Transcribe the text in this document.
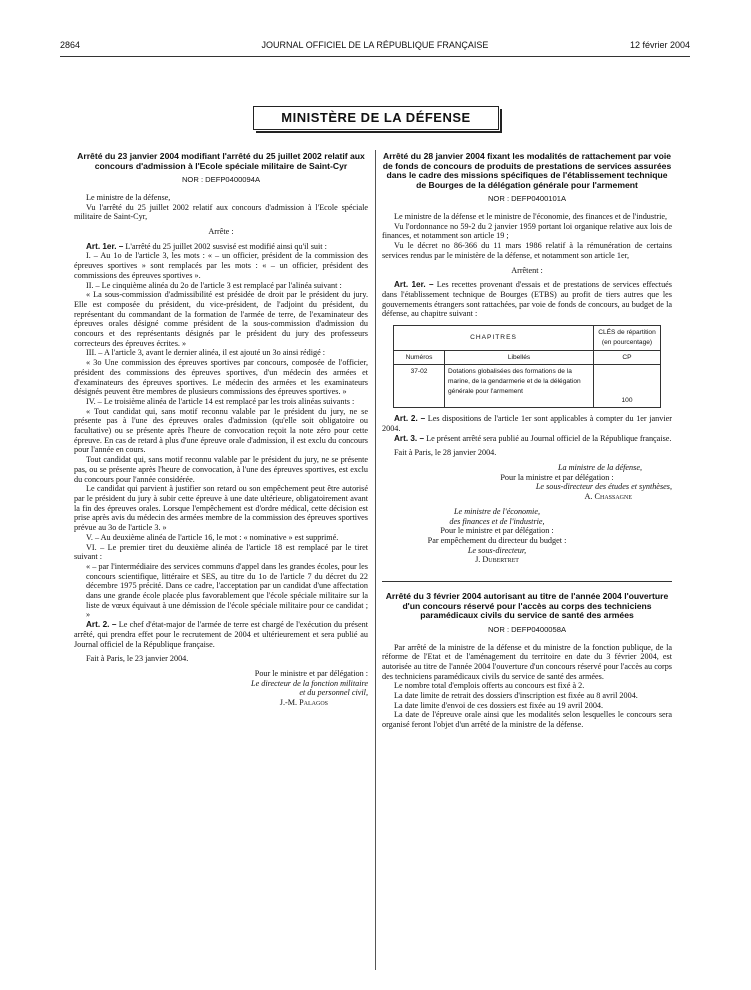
2864	JOURNAL OFFICIEL DE LA RÉPUBLIQUE FRANÇAISE	12 février 2004
MINISTÈRE DE LA DÉFENSE
Arrêté du 23 janvier 2004 modifiant l'arrêté du 25 juillet 2002 relatif aux concours d'admission à l'Ecole spéciale militaire de Saint-Cyr
NOR : DEFP0400094A

Le ministre de la défense,

Vu l'arrêté du 25 juillet 2002 relatif aux concours d'admission à l'Ecole spéciale militaire de Saint-Cyr,

Arrête :

Art. 1er. – L'arrêté du 25 juillet 2002 susvisé est modifié ainsi qu'il suit :

I. – Au 1o de l'article 3, les mots : « – un officier, président de la commission des épreuves sportives » sont remplacés par les mots : « – un officier, président des commissions des épreuves sportives ».

II. – Le cinquième alinéa du 2o de l'article 3 est remplacé par l'alinéa suivant :

« La sous-commission d'admissibilité est présidée de droit par le président du jury. Elle est composée du président, du vice-président, de l'adjoint du président, du représentant du commandant de la formation de l'armée de terre, de l'examinateur des épreuves orales désigné comme président de la sous-commission d'admission du concours et des représentants désignés par le président du jury des professeurs correcteurs des épreuves écrites. »

III. – A l'article 3, avant le dernier alinéa, il est ajouté un 3o ainsi rédigé :

« 3o Une commission des épreuves sportives par concours, composée de l'officier, président des commissions des épreuves sportives, d'un médecin des armées et d'examinateurs des épreuves sportives. Le médecin des armées et les examinateurs désignés peuvent être membres de plusieurs commissions des épreuves sportives. »

IV. – Le troisième alinéa de l'article 14 est remplacé par les trois alinéas suivants :

« Tout candidat qui, sans motif reconnu valable par le président du jury, ne se présente pas à l'une des épreuves orales d'admission (qu'elle soit obligatoire ou facultative) ou se présente après l'heure de convocation reçoit la note zéro pour cette épreuve. En cas de retard à plus d'une épreuve orale d'admission, il est exclu du concours pour l'année en cours.

Tout candidat qui, sans motif reconnu valable par le président du jury, ne se présente pas, ou se présente après l'heure de convocation, à l'une des épreuves sportives, est exclu du concours pour l'année considérée.

Le candidat qui parvient à justifier son retard ou son empêchement peut être autorisé par le président du jury à subir cette épreuve à une date ultérieure, obligatoirement avant la fin des épreuves orales. Lorsque l'empêchement est d'ordre médical, cette décision est prise après avis du médecin des armées membre de la commission des épreuves sportives prévue au 3o de l'article 3. »

V. – Au deuxième alinéa de l'article 16, le mot : « nominative » est supprimé.

VI. – Le premier tiret du deuxième alinéa de l'article 18 est remplacé par le tiret suivant :

« – par l'intermédiaire des services communs d'appel dans les grandes écoles, pour les concours scientifique, littéraire et SES, au titre du 1o de l'article 7 du décret du 22 décembre 1975 précité. Dans ce cadre, l'acceptation par un candidat d'une affectation dans une grande école placée plus favorablement que l'école spéciale militaire sur la liste de vœux équivaut à une démission de l'école spéciale militaire pour ce candidat ; »

Art. 2. – Le chef d'état-major de l'armée de terre est chargé de l'exécution du présent arrêté, qui prendra effet pour le recrutement de 2004 et ultérieurement et sera publié au Journal officiel de la République française.

Fait à Paris, le 23 janvier 2004.

Pour le ministre et par délégation :

Le directeur de la fonction militaire

et du personnel civil,

J.-M. Palagos

Arrêté du 28 janvier 2004 fixant les modalités de rattachement par voie de fonds de concours de produits de prestations de services assurées dans le cadre des missions spécifiques de l'établissement technique de Bourges de la délégation générale pour l'armement
NOR : DEFP0400101A

Le ministre de la défense et le ministre de l'économie, des finances et de l'industrie,

Vu l'ordonnance no 59-2 du 2 janvier 1959 portant loi organique relative aux lois de finances, et notamment son article 19 ;

Vu le décret no 86-366 du 11 mars 1986 relatif à la rémunération de certains services rendus par le ministère de la défense, et notamment son article 1er,

Arrêtent :

Art. 1er. – Les recettes provenant d'essais et de prestations de services effectués dans l'établissement technique de Bourges (ETBS) au profit de tiers autres que les gouvernements étrangers sont rattachées, par voie de fonds de concours, au budget de la défense, au chapitre suivant :

CHAPITRES		CLÉS de répartition (en pourcentage)
Numéros	Libellés	CP
37-02	Dotations globalisées des formations de la marine, de la gendarmerie et de la délégation générale pour l'armement	100

Art. 2. – Les dispositions de l'article 1er sont applicables à compter du 1er janvier 2004.

Art. 3. – Le présent arrêté sera publié au Journal officiel de la République française.

Fait à Paris, le 28 janvier 2004.

La ministre de la défense,

Pour la ministre et par délégation :

Le sous-directeur des études et synthèses,

A. Chassagne

Le ministre de l'économie,

des finances et de l'industrie,

Pour le ministre et par délégation :

Par empêchement du directeur du budget :

Le sous-directeur,

J. Dubertret

Arrêté du 3 février 2004 autorisant au titre de l'année 2004 l'ouverture d'un concours réservé pour l'accès au corps des techniciens paramédicaux civils du service de santé des armées
NOR : DEFP0400058A

Par arrêté de la ministre de la défense et du ministre de la fonction publique, de la réforme de l'Etat et de l'aménagement du territoire en date du 3 février 2004, est autorisée au titre de l'année 2004 l'ouverture d'un concours réservé pour l'accès au corps des techniciens paramédicaux civils du service de santé des armées.

Le nombre total d'emplois offerts au concours est fixé à 2.

La date limite de retrait des dossiers d'inscription est fixée au 8 avril 2004.

La date limite d'envoi de ces dossiers est fixée au 19 avril 2004.

La date de l'épreuve orale ainsi que les modalités selon lesquelles le concours sera organisé feront l'objet d'un arrêté de la ministre de la défense.
